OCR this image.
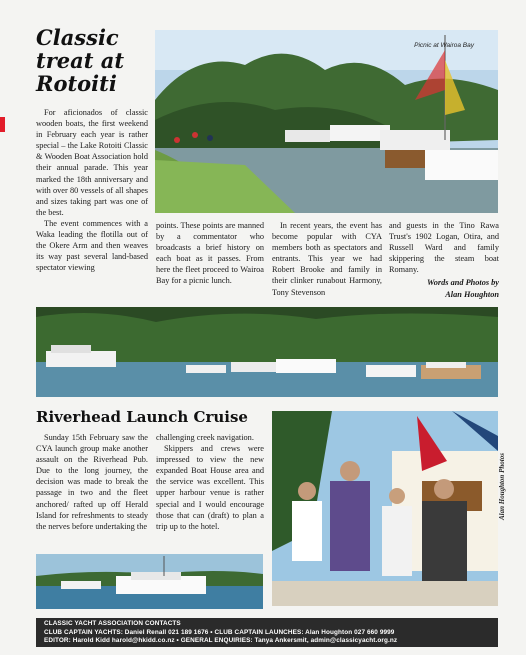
Classic
treat at
Rotoiti
Picnic at Wairoa Bay

For aficionados of classic wooden boats, the first weekend in February each year is rather special – the Lake Rotoiti Classic & Wooden Boat Association hold their annual parade. This year marked the 18th anniversary and with over 80 vessels of all shapes and sizes taking part was one of the best.

The event commences with a Waka leading the flotilla out of the Okere Arm and then weaves its way past several land-based spectator viewing

points. These points are manned by a commentator who broadcasts a brief history on each boat as it passes. From here the fleet proceed to Wairoa Bay for a picnic lunch.

In recent years, the event has become popular with CYA members both as spectators and entrants. This year we had Robert Brooke and family in their clinker runabout Harmony, Tony Stevenson

and guests in the Tino Rawa Trust's 1902 Logan, Otira, and Russell Ward and family skippering the steam boat Romany.

Words and Photos by
Alan Houghton
Riverhead Launch Cruise

Sunday 15th February saw the CYA launch group make another assault on the Riverhead Pub. Due to the long journey, the decision was made to break the passage in two and the fleet anchored/ rafted up off Herald Island for refreshments to steady the nerves before undertaking the

challenging creek navigation.

Skippers and crews were impressed to view the new expanded Boat House area and the service was excellent. This upper harbour venue is rather special and I would encourage those that can (draft) to plan a trip up to the hotel.

Alan Houghton Photos
CLASSIC YACHT ASSOCIATION CONTACTS
CLUB CAPTAIN YACHTS: Daniel Renall 021 189 1676 • CLUB CAPTAIN LAUNCHES: Alan Houghton 027 660 9999
EDITOR: Harold Kidd harold@hkidd.co.nz • GENERAL ENQUIRIES: Tanya Ankersmit, admin@classicyacht.org.nz
